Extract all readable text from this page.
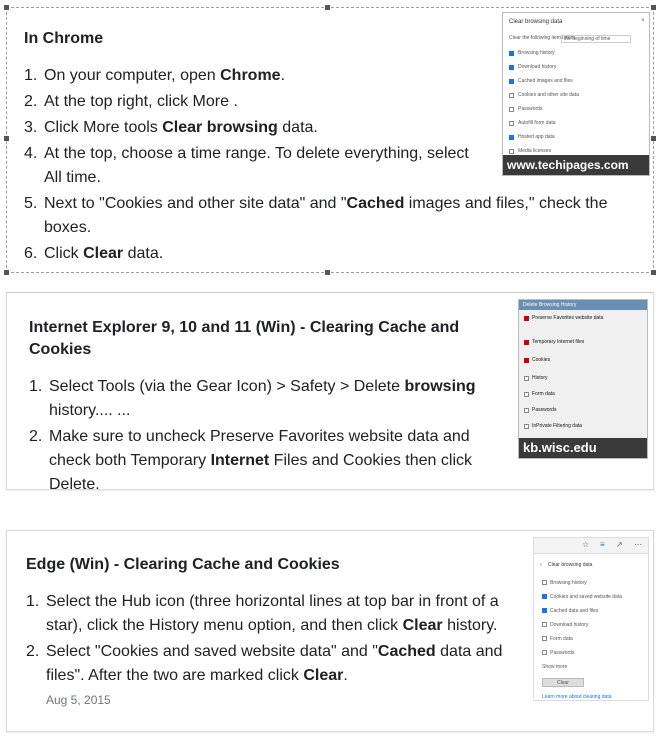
In Chrome
1. On your computer, open Chrome.
2. At the top right, click More .
3. Click More tools Clear browsing data.
4. At the top, choose a time range. To delete everything, select
All time.
5. Next to "Cookies and other site data" and "Cached images and files," check the
boxes.
6. Click Clear data.
Clear browsing data	×
Clear the following items from
the beginning of time
Browsing history
Download history
Cached images and files
Cookies and other site data
Passwords
Autofill form data
Hosted app data
Media licenses
www.techipages.com
Internet Explorer 9, 10 and 11 (Win) - Clearing Cache and
Cookies
1. Select Tools (via the Gear Icon) > Safety > Delete browsing
history.... ...
2. Make sure to uncheck Preserve Favorites website data and
check both Temporary Internet Files and Cookies then click
Delete.
Delete Browsing History
Preserve Favorites website data
Temporary Internet files
Cookies
History
Form data
Passwords
InPrivate Filtering data
kb.wisc.edu
Edge (Win) - Clearing Cache and Cookies
1. Select the Hub icon (three horizontal lines at top bar in front of a
star), click the History menu option, and then click Clear history.
2. Select "Cookies and saved website data" and "Cached data and
files". After the two are marked click Clear.
Aug 5, 2015
☆ ≡ ↗ ⋯
‹ Clear browsing data
Browsing history
Cookies and saved website data
Cached data and files
Download history
Form data
Passwords
Show more
Clear
Learn more about clearing data
